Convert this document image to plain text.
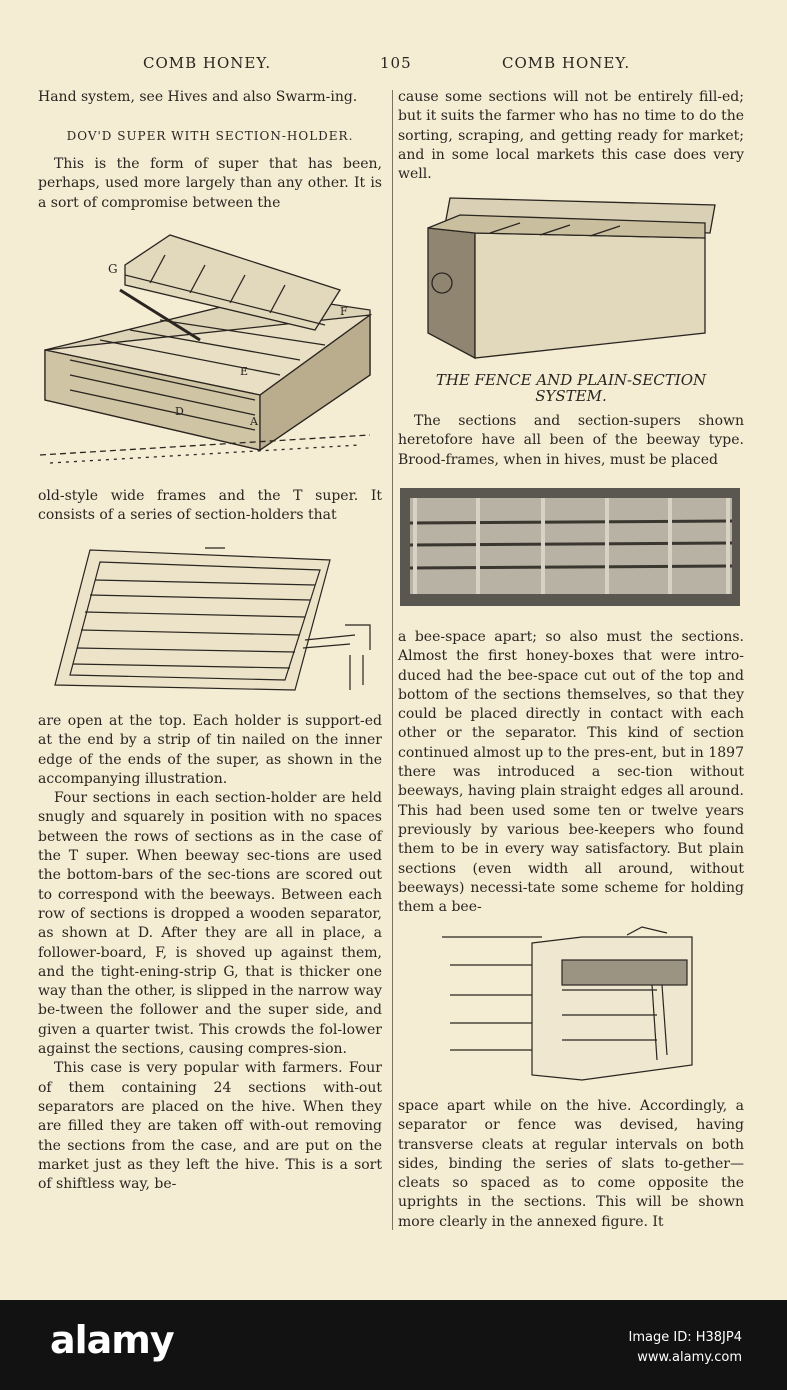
COMB HONEY.	105	COMB HONEY.

Hand system, see Hives and also Swarm-ing.

DOV'D SUPER WITH SECTION-HOLDER.

This is the form of super that has been, perhaps, used more largely than any other. It is a sort of compromise between the

G
D
E
A
F

old-style wide frames and the T super. It consists of a series of section-holders that

are open at the top. Each holder is support-ed at the end by a strip of tin nailed on the inner edge of the ends of the super, as shown in the accompanying illustration.

Four sections in each section-holder are held snugly and squarely in position with no spaces between the rows of sections as in the case of the T super. When beeway sec-tions are used the bottom-bars of the sec-tions are scored out to correspond with the beeways. Between each row of sections is dropped a wooden separator, as shown at D. After they are all in place, a follower-board, F, is shoved up against them, and the tight-ening-strip G, that is thicker one way than the other, is slipped in the narrow way be-tween the follower and the super side, and given a quarter twist. This crowds the fol-lower against the sections, causing compres-sion.

This case is very popular with farmers. Four of them containing 24 sections with-out separators are placed on the hive. When they are filled they are taken off with-out removing the sections from the case, and are put on the market just as they left the hive. This is a sort of shiftless way, be-

cause some sections will not be entirely fill-ed; but it suits the farmer who has no time to do the sorting, scraping, and getting ready for market; and in some local markets this case does very well.

THE FENCE AND PLAIN-SECTION SYSTEM.

The sections and section-supers shown heretofore have all been of the beeway type. Brood-frames, when in hives, must be placed

a bee-space apart; so also must the sections. Almost the first honey-boxes that were intro-duced had the bee-space cut out of the top and bottom of the sections themselves, so that they could be placed directly in contact with each other or the separator. This kind of section continued almost up to the pres-ent, but in 1897 there was introduced a sec-tion without beeways, having plain straight edges all around. This had been used some ten or twelve years previously by various bee-keepers who found them to be in every way satisfactory. But plain sections (even width all around, without beeways) necessi-tate some scheme for holding them a bee-

space apart while on the hive. Accordingly, a separator or fence was devised, having transverse cleats at regular intervals on both sides, binding the series of slats to-gether—cleats so spaced as to come opposite the uprights in the sections. This will be shown more clearly in the annexed figure. It

alamy	Image ID: H38JP4
www.alamy.com
